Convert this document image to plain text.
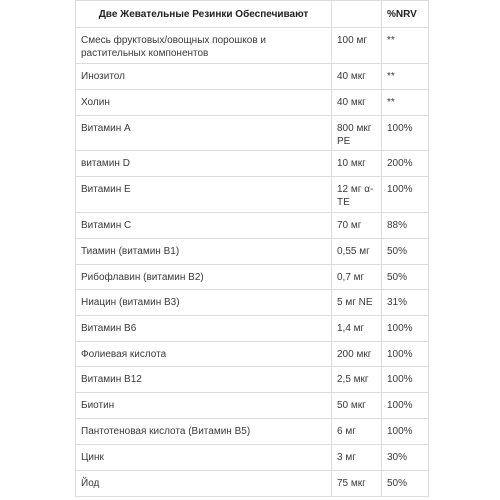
Две Жевательные Резинки Обеспечивают		%NRV
Смесь фруктовых/овощных порошков и растительных компонентов	100 мг	**
Инозитол	40 мкг	**
Холин	40 мкг	**
Витамин А	800 мкг РЕ	100%
витамин D	10 мкг	200%
Витамин Е	12 мг α-TE	100%
Витамин С	70 мг	88%
Тиамин (витамин В1)	0,55 мг	50%
Рибофлавин (витамин В2)	0,7 мг	50%
Ниацин (витамин В3)	5 мг NE	31%
Витамин В6	1,4 мг	100%
Фолиевая кислота	200 мкг	100%
Витамин В12	2,5 мкг	100%
Биотин	50 мкг	100%
Пантотеновая кислота (Витамин В5)	6 мг	100%
Цинк	3 мг	30%
Йод	75 мкг	50%
